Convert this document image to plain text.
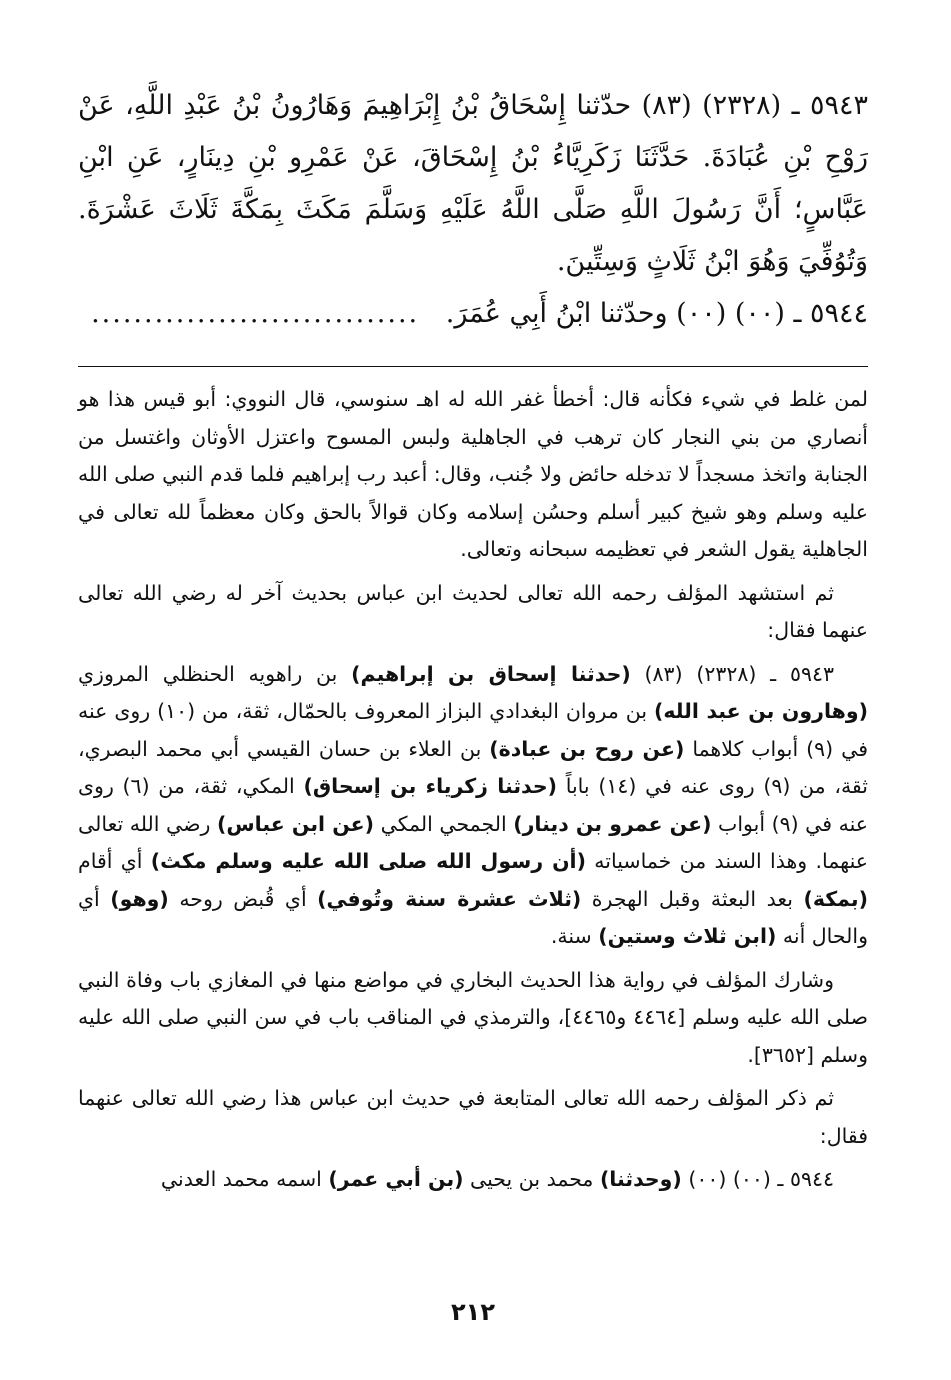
٥٩٤٣ ـ (٢٣٢٨) (٨٣) حدّثنا إِسْحَاقُ بْنُ إِبْرَاهِيمَ وَهَارُونُ بْنُ عَبْدِ اللَّهِ، عَنْ رَوْحِ بْنِ عُبَادَةَ. حَدَّثَنَا زَكَرِيَّاءُ بْنُ إِسْحَاقَ، عَنْ عَمْرِو بْنِ دِينَارٍ، عَنِ ابْنِ عَبَّاسٍ؛ أَنَّ رَسُولَ اللَّهِ صَلَّى اللَّهُ عَلَيْهِ وَسَلَّمَ مَكَثَ بِمَكَّةَ ثَلَاثَ عَشْرَةَ. وَتُوُفِّيَ وَهُوَ ابْنُ ثَلَاثٍ وَسِتِّينَ.

٥٩٤٤ ـ (٠٠) (٠٠) وحدّثنا ابْنُ أَبِي عُمَرَ. ...............................

لمن غلط في شيء فكأنه قال: أخطأ غفر الله له اهـ سنوسي، قال النووي: أبو قيس هذا هو أنصاري من بني النجار كان ترهب في الجاهلية ولبس المسوح واعتزل الأوثان واغتسل من الجنابة واتخذ مسجداً لا تدخله حائض ولا جُنب، وقال: أعبد رب إبراهيم فلما قدم النبي صلى الله عليه وسلم وهو شيخ كبير أسلم وحسُن إسلامه وكان قوالاً بالحق وكان معظماً لله تعالى في الجاهلية يقول الشعر في تعظيمه سبحانه وتعالى.

ثم استشهد المؤلف رحمه الله تعالى لحديث ابن عباس بحديث آخر له رضي الله تعالى عنهما فقال:

٥٩٤٣ ـ (٢٣٢٨) (٨٣) (حدثنا إسحاق بن إبراهيم) بن راهويه الحنظلي المروزي (وهارون بن عبد الله) بن مروان البغدادي البزاز المعروف بالحمّال، ثقة، من (١٠) روى عنه في (٩) أبواب كلاهما (عن روح بن عبادة) بن العلاء بن حسان القيسي أبي محمد البصري، ثقة، من (٩) روى عنه في (١٤) باباً (حدثنا زكرياء بن إسحاق) المكي، ثقة، من (٦) روى عنه في (٩) أبواب (عن عمرو بن دينار) الجمحي المكي (عن ابن عباس) رضي الله تعالى عنهما. وهذا السند من خماسياته (أن رسول الله صلى الله عليه وسلم مكث) أي أقام (بمكة) بعد البعثة وقبل الهجرة (ثلاث عشرة سنة وتُوفي) أي قُبض روحه (وهو) أي والحال أنه (ابن ثلاث وستين) سنة.

وشارك المؤلف في رواية هذا الحديث البخاري في مواضع منها في المغازي باب وفاة النبي صلى الله عليه وسلم [٤٤٦٤ و٤٤٦٥]، والترمذي في المناقب باب في سن النبي صلى الله عليه وسلم [٣٦٥٢].

ثم ذكر المؤلف رحمه الله تعالى المتابعة في حديث ابن عباس هذا رضي الله تعالى عنهما فقال:

٥٩٤٤ ـ (٠٠) (٠٠) (وحدثنا) محمد بن يحيى (بن أبي عمر) اسمه محمد العدني

٢١٢
